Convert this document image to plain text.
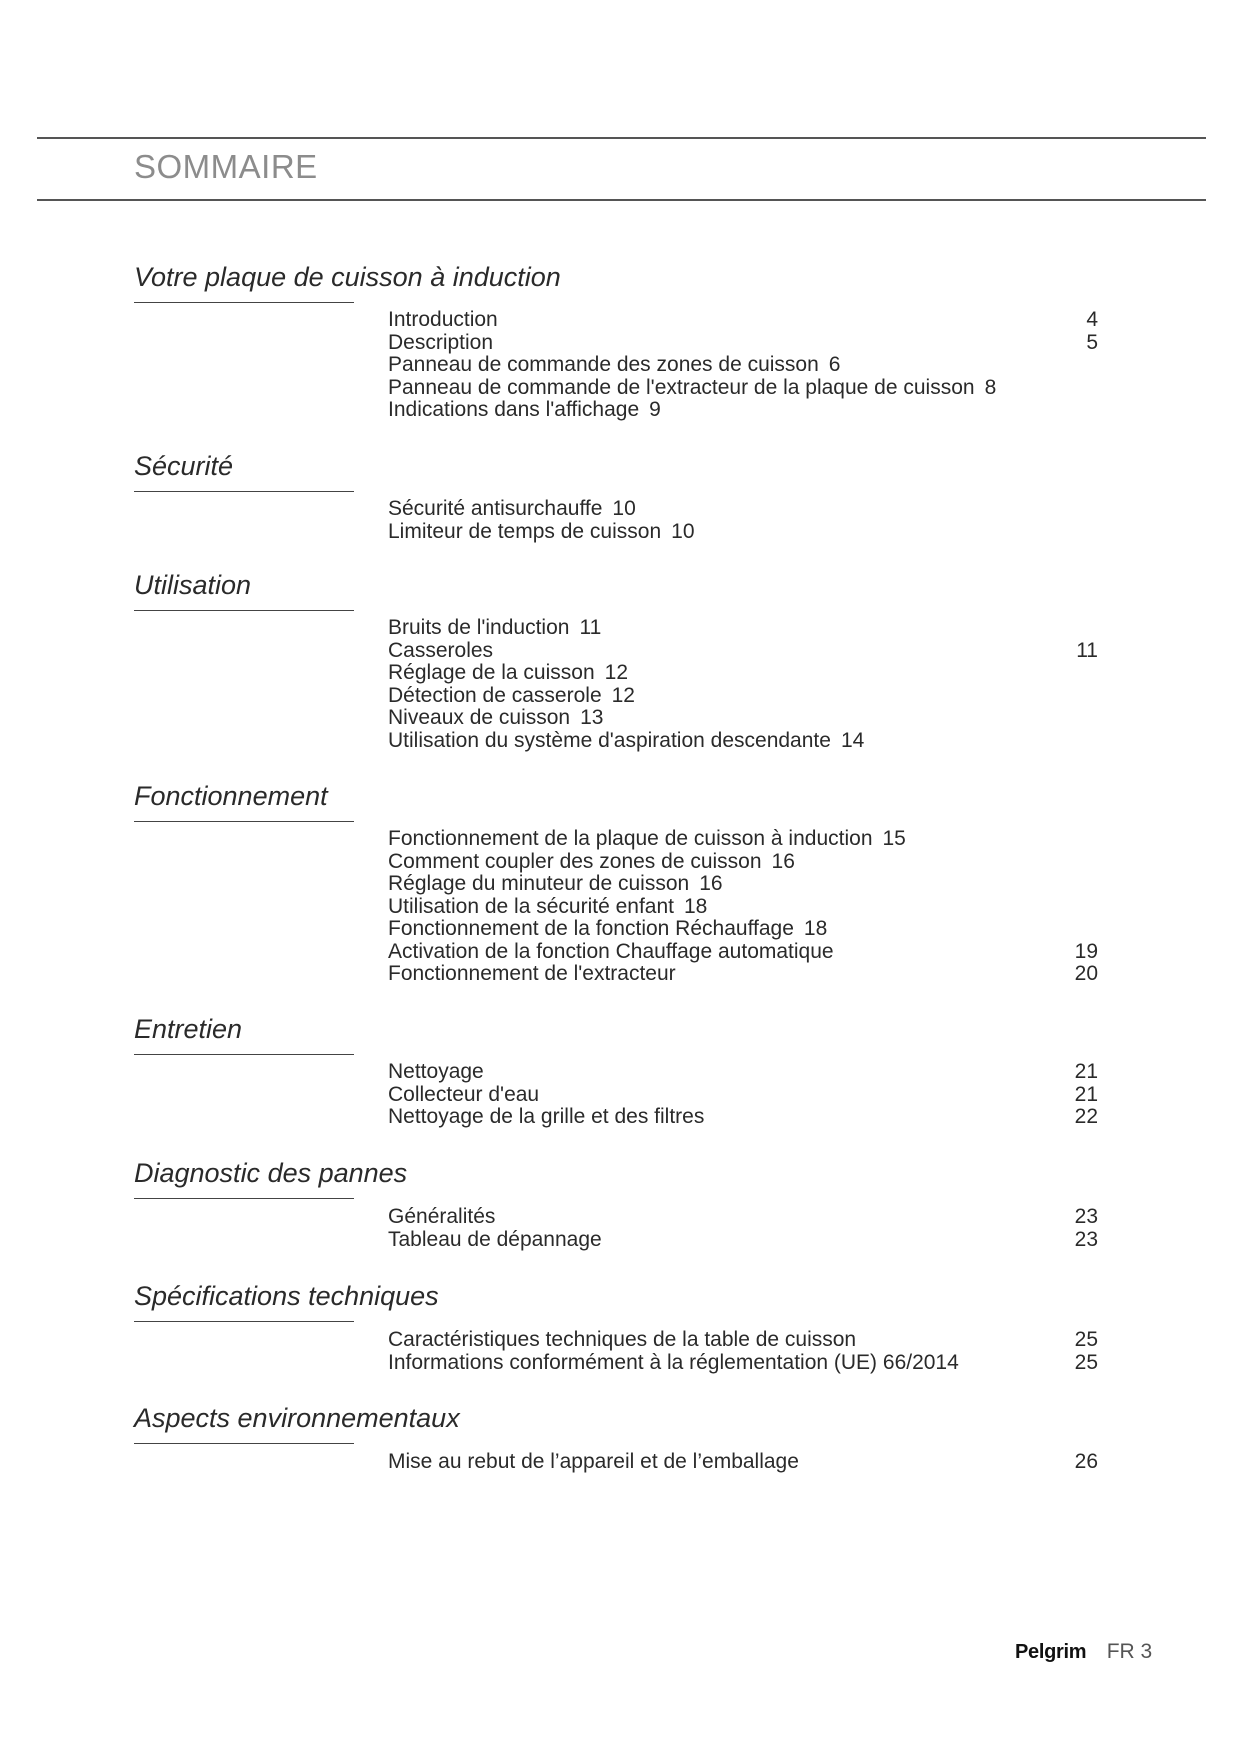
SOMMAIRE
Votre plaque de cuisson à induction
Introduction	4
Description	5
Panneau de commande des zones de cuisson 6
Panneau de commande de l'extracteur de la plaque de cuisson 8
Indications dans l'affichage 9
Sécurité
Sécurité antisurchauffe 10
Limiteur de temps de cuisson 10
Utilisation
Bruits de l'induction 11
Casseroles	11
Réglage de la cuisson 12
Détection de casserole 12
Niveaux de cuisson 13
Utilisation du système d'aspiration descendante 14
Fonctionnement
Fonctionnement de la plaque de cuisson à induction 15
Comment coupler des zones de cuisson 16
Réglage du minuteur de cuisson 16
Utilisation de la sécurité enfant 18
Fonctionnement de la fonction Réchauffage 18
Activation de la fonction Chauffage automatique	19
Fonctionnement de l'extracteur	20
Entretien
Nettoyage	21
Collecteur d'eau	21
Nettoyage de la grille et des filtres	22
Diagnostic des pannes
Généralités	23
Tableau de dépannage	23
Spécifications techniques
Caractéristiques techniques de la table de cuisson	25
Informations conformément à la réglementation (UE) 66/2014	25
Aspects environnementaux
Mise au rebut de l’appareil et de l’emballage	26
Pelgrim FR 3
